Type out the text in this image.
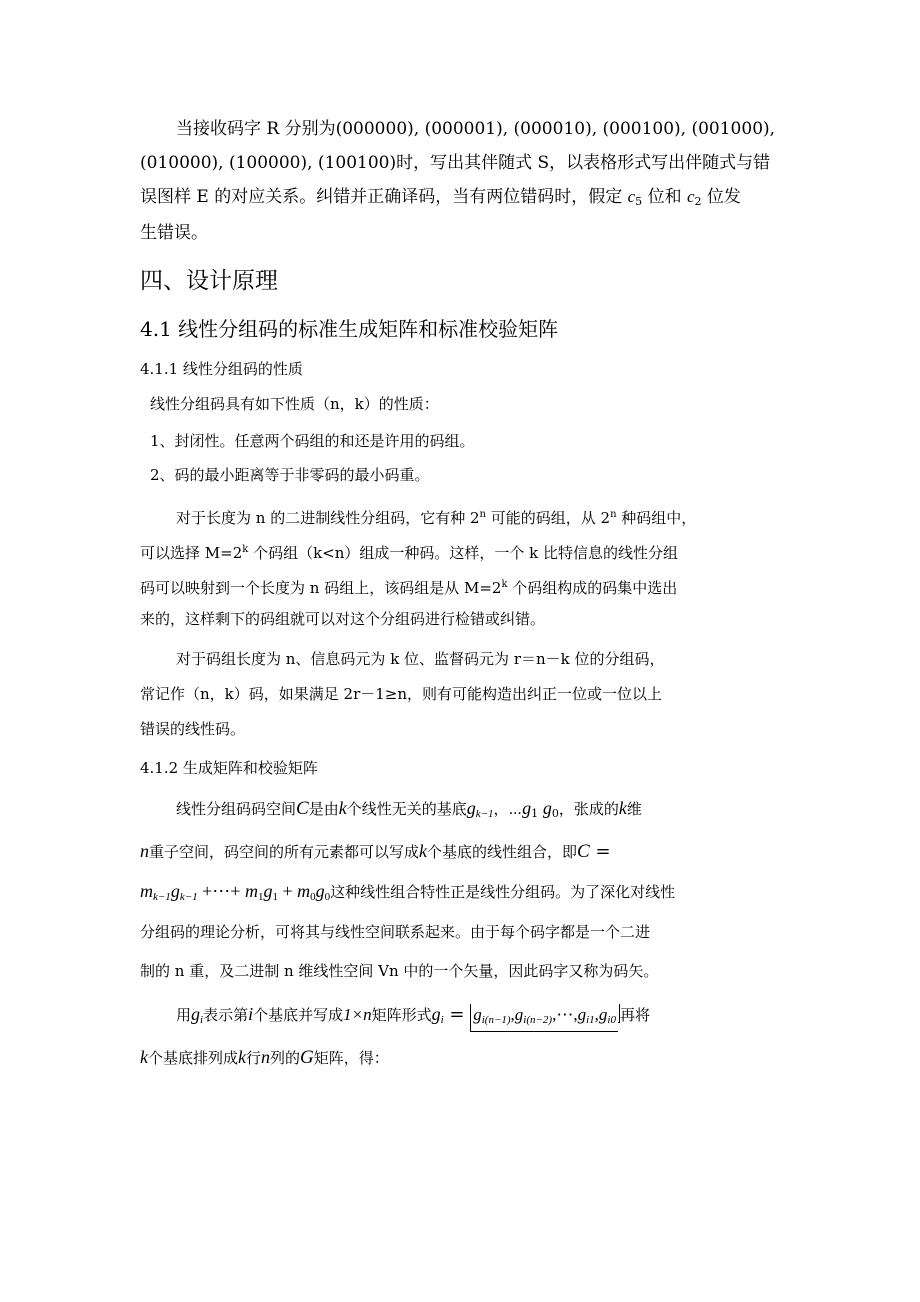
当接收码字 R 分别为(000000), (000001), (000010), (000100), (001000),
(010000), (100000), (100100)时，写出其伴随式 S，以表格形式写出伴随式与错
误图样 E 的对应关系。纠错并正确译码，当有两位错码时，假定 $c_5$ 位和 $c_2$ 位发
生错误。
四、设计原理
4.1 线性分组码的标准生成矩阵和标准校验矩阵
4.1.1 线性分组码的性质
线性分组码具有如下性质（n，k）的性质：
1、封闭性。任意两个码组的和还是许用的码组。
2、码的最小距离等于非零码的最小码重。
对于长度为 n 的二进制线性分组码，它有种 2$^n$ 可能的码组，从 2$^n$ 种码组中，
可以选择 $M=2^k$ 个码组（k<n）组成一种码。这样，一个 k 比特信息的线性分组
码可以映射到一个长度为 n 码组上，该码组是从 $M=2^k$ 个码组构成的码集中选出
来的，这样剩下的码组就可以对这个分组码进行检错或纠错。
对于码组长度为 n、信息码元为 k 位、监督码元为 r＝n－k 位的分组码，
常记作（n，k）码，如果满足 2r－1≥n，则有可能构造出纠正一位或一位以上
错误的线性码。
4.1.2 生成矩阵和校验矩阵
线性分组码码空间C是由k个线性无关的基底$g_{k-1}$，$\cdots g_1$ $g_0$，张成的k维
n重子空间，码空间的所有元素都可以写成k个基底的线性组合，即C =
$m_{k-1}g_{k-1}$ +⋯+ $m_1g_1 + m_0g_0$这种线性组合特性正是线性分组码。为了深化对线性
分组码的理论分析，可将其与线性空间联系起来。由于每个码字都是一个二进
制的 n 重，及二进制 n 维线性空间 Vn 中的一个矢量，因此码字又称为码矢。
用$g_i$表示第i个基底并写成1×n矩阵形式$g_i$ = $g_{i(n-1)},g_{i(n-2)},\cdots,g_{i1},g_{i0}$ 再将
k个基底排列成k行n列的G矩阵，得：
